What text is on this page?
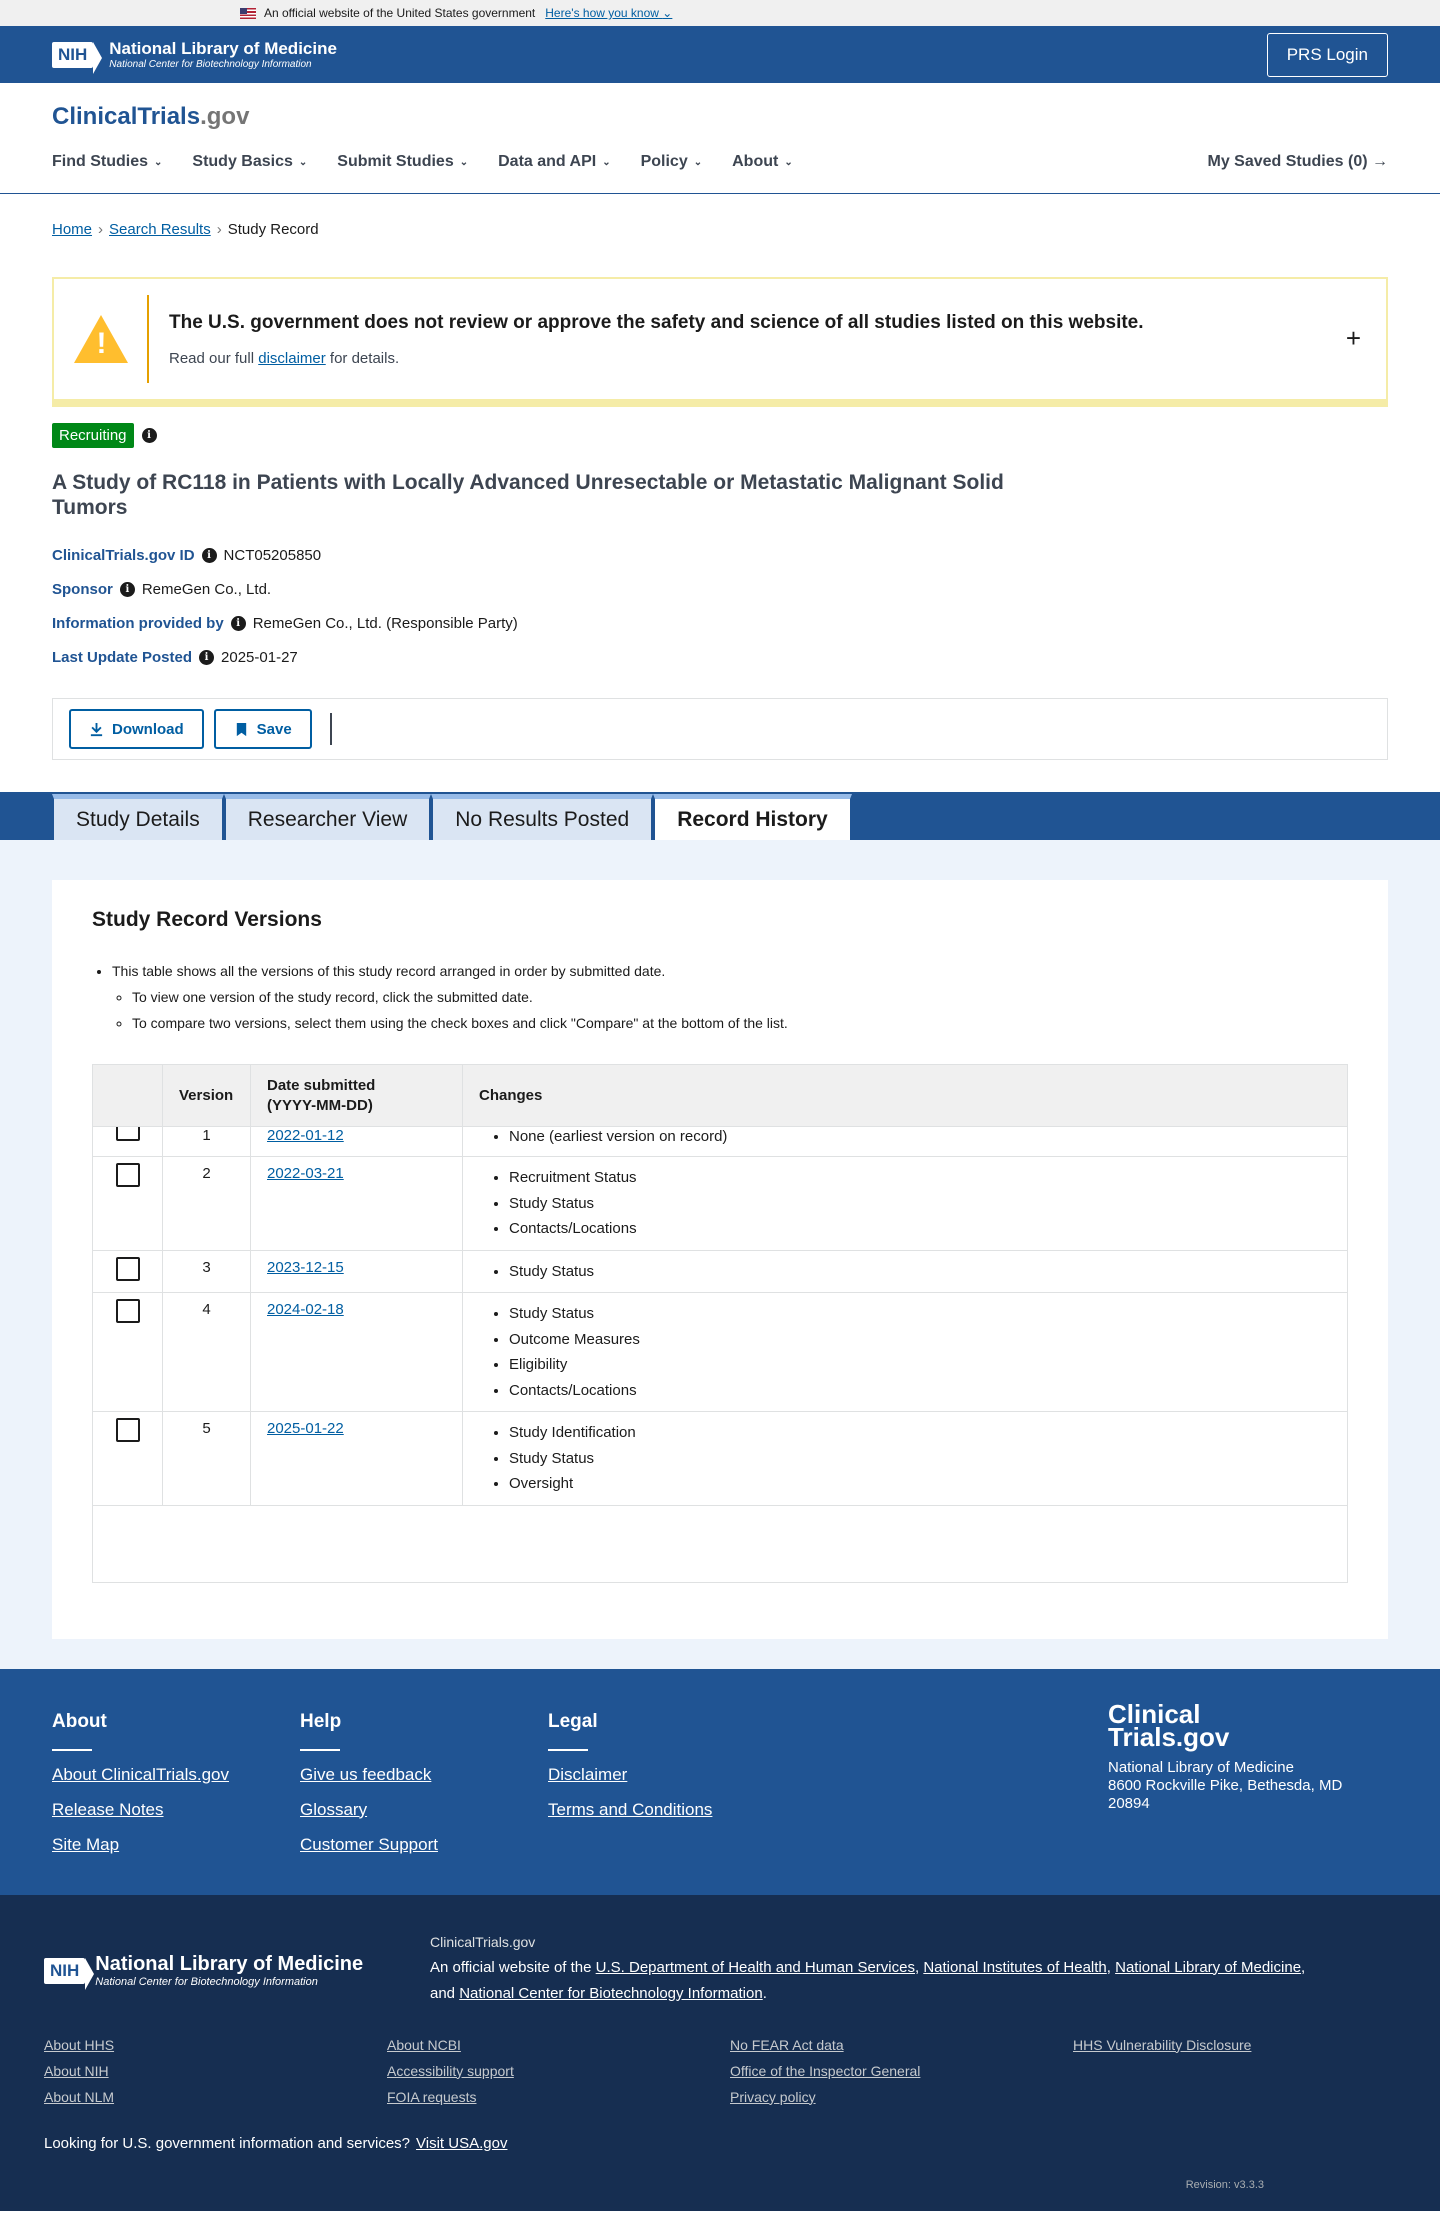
An official website of the United States government Here's how you know ⌄
NIH	National Library of Medicine
National Center for Biotechnology Information
PRS Login
ClinicalTrials.gov
Find Studies ⌄ Study Basics ⌄ Submit Studies ⌄ Data and API ⌄ Policy ⌄ About ⌄	My Saved Studies (0) →
Home › Search Results › Study Record
!
The U.S. government does not review or approve the safety and science of all studies listed on this website.
Read our full disclaimer for details.
+
Recruiting	i
A Study of RC118 in Patients with Locally Advanced Unresectable or Metastatic Malignant Solid Tumors
ClinicalTrials.gov ID	i NCT05205850
Sponsor	i RemeGen Co., Ltd.
Information provided by	i RemeGen Co., Ltd. (Responsible Party)
Last Update Posted	i 2025-01-27
Download	Save
Study Details	Researcher View	No Results Posted	Record History
Study Record Versions
• This table shows all the versions of this study record arranged in order by submitted date.
◦ To view one version of the study record, click the submitted date.
◦ To compare two versions, select them using the check boxes and click "Compare" at the bottom of the list.
Version
Date submitted
(YYYY-MM-DD)
Changes
1	2022-01-12	• None (earliest version on record)
2	2022-03-21	• Recruitment Status
• Study Status
• Contacts/Locations
3	2023-12-15	• Study Status
4	2024-02-18	• Study Status
• Outcome Measures
• Eligibility
• Contacts/Locations
5	2025-01-22	• Study Identification
• Study Status
• Oversight
About
About ClinicalTrials.gov
Release Notes
Site Map
Help
Give us feedback
Glossary
Customer Support
Legal
Disclaimer
Terms and Conditions
Clinical
Trials.gov
National Library of Medicine
8600 Rockville Pike, Bethesda, MD
20894
NIH National Library of Medicine
National Center for Biotechnology Information
ClinicalTrials.gov
An official website of the U.S. Department of Health and Human Services, National Institutes of Health, National Library of Medicine,
and National Center for Biotechnology Information.
About HHS	About NCBI	No FEAR Act data	HHS Vulnerability Disclosure
About NIH	Accessibility support	Office of the Inspector General
About NLM	FOIA requests	Privacy policy
Looking for U.S. government information and services? Visit USA.gov
Revision: v3.3.3
